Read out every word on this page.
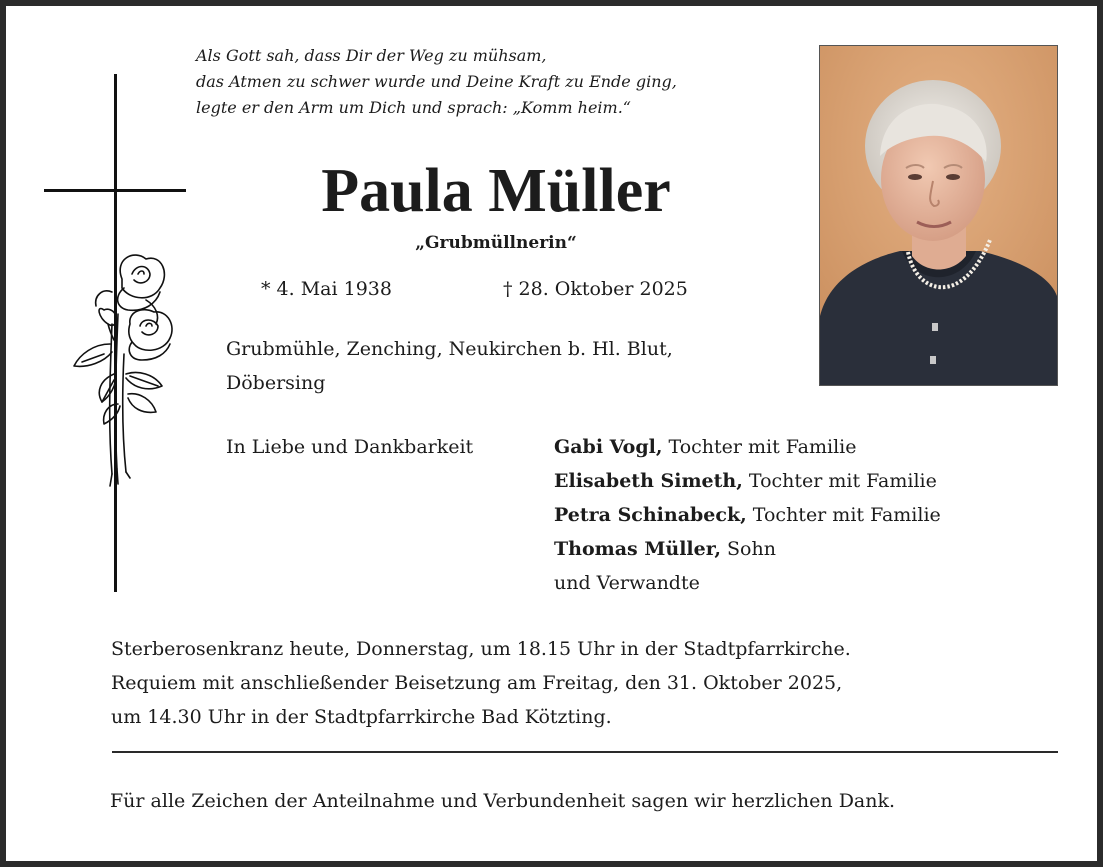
Als Gott sah, dass Dir der Weg zu mühsam,
das Atmen zu schwer wurde und Deine Kraft zu Ende ging,
legte er den Arm um Dich und sprach: „Komm heim.“
Paula Müller
„Grubmüllnerin“
* 4. Mai 1938	† 28. Oktober 2025
Grubmühle, Zenching, Neukirchen b. Hl. Blut,
Döbersing
In Liebe und Dankbarkeit	Gabi Vogl, Tochter mit Familie
Elisabeth Simeth, Tochter mit Familie
Petra Schinabeck, Tochter mit Familie
Thomas Müller, Sohn
und Verwandte
Sterberosenkranz heute, Donnerstag, um 18.15 Uhr in der Stadtpfarrkirche.
Requiem mit anschließender Beisetzung am Freitag, den 31. Oktober 2025,
um 14.30 Uhr in der Stadtpfarrkirche Bad Kötzting.
Für alle Zeichen der Anteilnahme und Verbundenheit sagen wir herzlichen Dank.
